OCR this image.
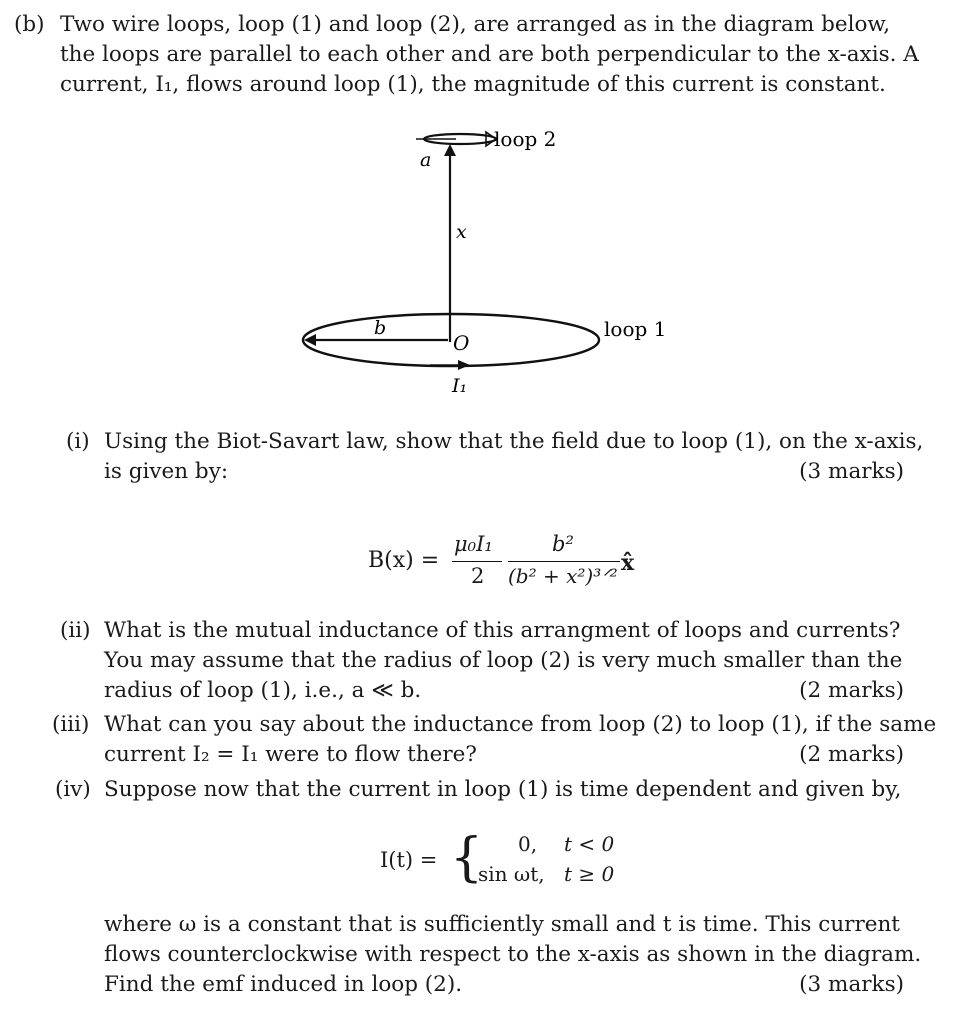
(b) Two wire loops, loop (1) and loop (2), are arranged as in the diagram below,
the loops are parallel to each other and are both perpendicular to the x-axis. A
current, I₁, flows around loop (1), the magnitude of this current is constant.
loop 2
a
x
b
O
loop 1
I₁
(i) Using the Biot-Savart law, show that the field due to loop (1), on the x-axis,
is given by:	(3 marks)
B(x) =
μ₀I₁
2
b²
(b² + x²)³ᐟ² x̂
(ii) What is the mutual inductance of this arrangment of loops and currents?
You may assume that the radius of loop (2) is very much smaller than the
radius of loop (1), i.e., a ≪ b.	(2 marks)
(iii) What can you say about the inductance from loop (2) to loop (1), if the same
current I₂ = I₁ were to flow there?	(2 marks)
(iv) Suppose now that the current in loop (1) is time dependent and given by,
I(t) = { 0, t < 0
sin ωt, t ≥ 0
where ω is a constant that is sufficiently small and t is time. This current
flows counterclockwise with respect to the x-axis as shown in the diagram.
Find the emf induced in loop (2).	(3 marks)
